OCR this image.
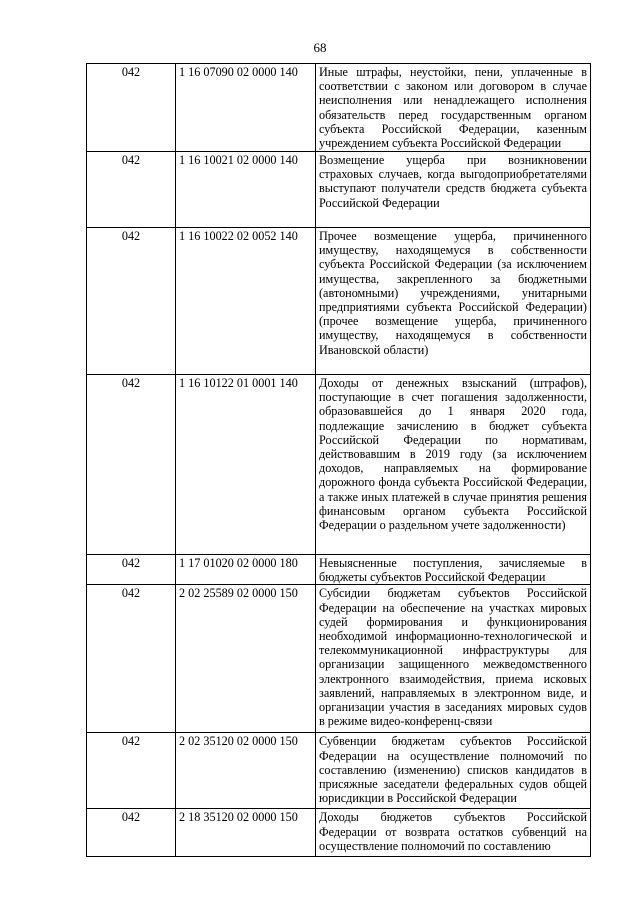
68
042	1 16 07090 02 0000 140	Иные штрафы, неустойки, пени, уплаченные в соответствии с законом или договором в случае неисполнения или ненадлежащего исполнения обязательств перед государственным органом субъекта Российской Федерации, казенным учреждением субъекта Российской Федерации
042	1 16 10021 02 0000 140	Возмещение ущерба при возникновении страховых случаев, когда выгодоприобретателями выступают получатели средств бюджета субъекта Российской Федерации
042	1 16 10022 02 0052 140	Прочее возмещение ущерба, причиненного имуществу, находящемуся в собственности субъекта Российской Федерации (за исключением имущества, закрепленного за бюджетными (автономными) учреждениями, унитарными предприятиями субъекта Российской Федерации) (прочее возмещение ущерба, причиненного имуществу, находящемуся в собственности Ивановской области)
042	1 16 10122 01 0001 140	Доходы от денежных взысканий (штрафов), поступающие в счет погашения задолженности, образовавшейся до 1 января 2020 года, подлежащие зачислению в бюджет субъекта Российской Федерации по нормативам, действовавшим в 2019 году (за исключением доходов, направляемых на формирование дорожного фонда субъекта Российской Федерации, а также иных платежей в случае принятия решения финансовым органом субъекта Российской Федерации о раздельном учете задолженности)
042	1 17 01020 02 0000 180	Невыясненные поступления, зачисляемые в бюджеты субъектов Российской Федерации
042	2 02 25589 02 0000 150	Субсидии бюджетам субъектов Российской Федерации на обеспечение на участках мировых судей формирования и функционирования необходимой информационно-технологической и телекоммуникационной инфраструктуры для организации защищенного межведомственного электронного взаимодействия, приема исковых заявлений, направляемых в электронном виде, и организации участия в заседаниях мировых судов в режиме видео-конференц-связи
042	2 02 35120 02 0000 150	Субвенции бюджетам субъектов Российской Федерации на осуществление полномочий по составлению (изменению) списков кандидатов в присяжные заседатели федеральных судов общей юрисдикции в Российской Федерации
042	2 18 35120 02 0000 150	Доходы бюджетов субъектов Российской Федерации от возврата остатков субвенций на осуществление полномочий по составлению
